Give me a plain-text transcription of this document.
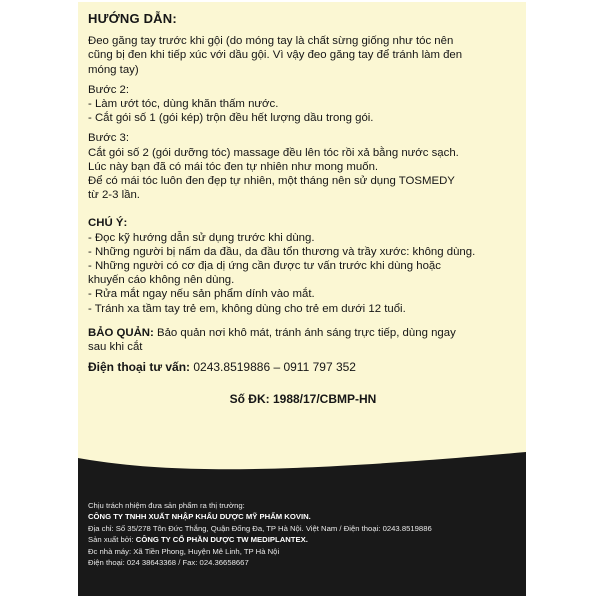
HƯỚNG DẪN:

Đeo găng tay trước khi gội (do móng tay là chất sừng giống như tóc nên

cũng bị đen khi tiếp xúc với dầu gội. Vì vậy đeo găng tay để tránh làm đen

móng tay)

Bước 2:

- Làm ướt tóc, dùng khăn thấm nước.

- Cắt gói số 1 (gói kép) trộn đều hết lượng dầu trong gói.

Bước 3:

Cắt gói số 2 (gói dưỡng tóc) massage đều lên tóc rồi xả bằng nước sạch.

Lúc này bạn đã có mái tóc đen tự nhiên như mong muốn.

Để có mái tóc luôn đen đẹp tự nhiên, một tháng nên sử dụng TOSMEDY

từ 2-3 lần.

CHÚ Ý:

- Đọc kỹ hướng dẫn sử dụng trước khi dùng.

- Những người bị nấm da đầu, da đầu tổn thương và trầy xước: không dùng.

- Những người có cơ địa dị ứng cần được tư vấn trước khi dùng hoặc

khuyến cáo không nên dùng.

- Rửa mắt ngay nếu sản phẩm dính vào mắt.

- Tránh xa tầm tay trẻ em, không dùng cho trẻ em dưới 12 tuổi.

BẢO QUẢN: Bảo quản nơi khô mát, tránh ánh sáng trực tiếp, dùng ngay

sau khi cắt

Điện thoại tư vấn: 0243.8519886 – 0911 797 352

Số ĐK: 1988/17/CBMP-HN
Chịu trách nhiệm đưa sản phẩm ra thị trường:
CÔNG TY TNHH XUẤT NHẬP KHẨU DƯỢC MỸ PHẨM KOVIN.
Địa chỉ: Số 35/278 Tôn Đức Thắng, Quận Đống Đa, TP Hà Nội. Việt Nam / Điện thoại: 0243.8519886
Sản xuất bởi: CÔNG TY CỔ PHẦN DƯỢC TW MEDIPLANTEX.
Đc nhà máy: Xã Tiền Phong, Huyện Mê Linh, TP Hà Nội
Điện thoại: 024 38643368 / Fax: 024.36658667
